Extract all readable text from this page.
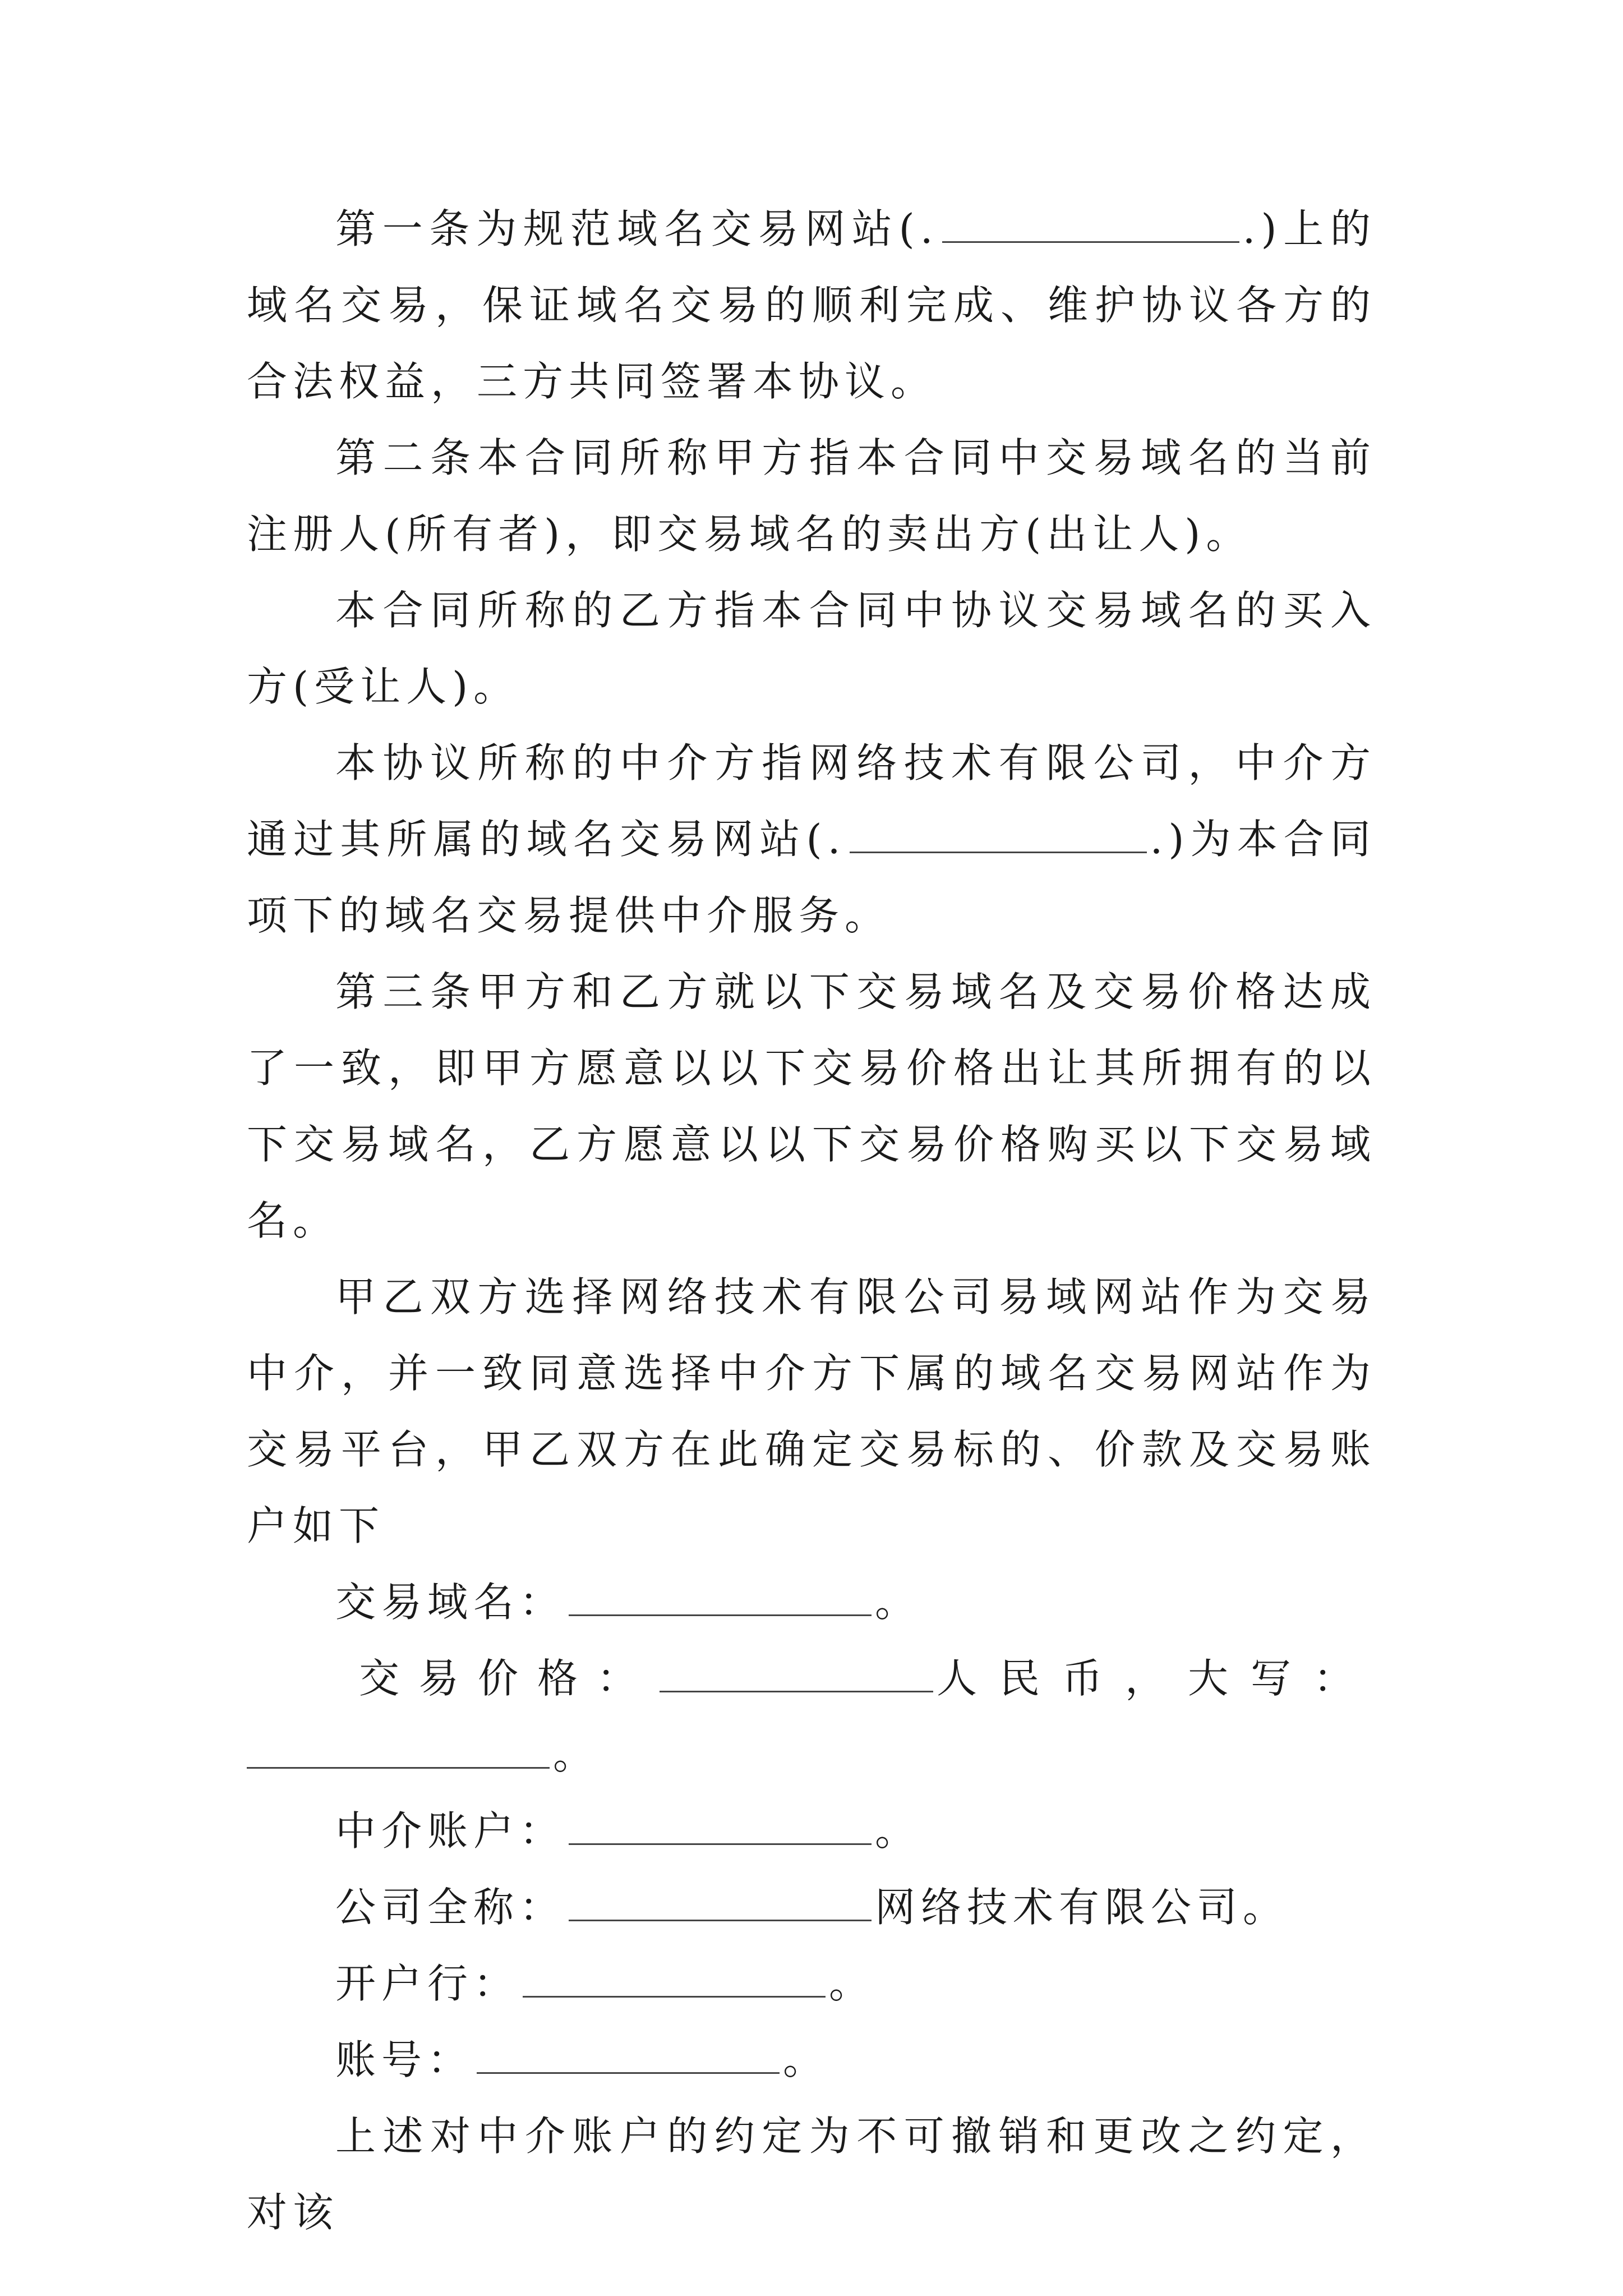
第一条为规范域名交易网站(.	.)上的域名交易，保证域名交易的顺利完成、维护协议各方的合法权益，三方共同签署本协议。

第二条本合同所称甲方指本合同中交易域名的当前注册人(所有者)，即交易域名的卖出方(出让人)。

本合同所称的乙方指本合同中协议交易域名的买入方(受让人)。

本协议所称的中介方指网络技术有限公司，中介方通过其所属的域名交易网站(.	.)为本合同项下的域名交易提供中介服务。

第三条甲方和乙方就以下交易域名及交易价格达成了一致，即甲方愿意以以下交易价格出让其所拥有的以下交易域名，乙方愿意以以下交易价格购买以下交易域名。

甲乙双方选择网络技术有限公司易域网站作为交易中介，并一致同意选择中介方下属的域名交易网站作为交易平台，甲乙双方在此确定交易标的、价款及交易账户如下

交易域名：	。

交易价格：	人民币， 大写：

。

中介账户：	。

公司全称：	网络技术有限公司。

开户行：	。

账号：	。

上述对中介账户的约定为不可撤销和更改之约定，对该
